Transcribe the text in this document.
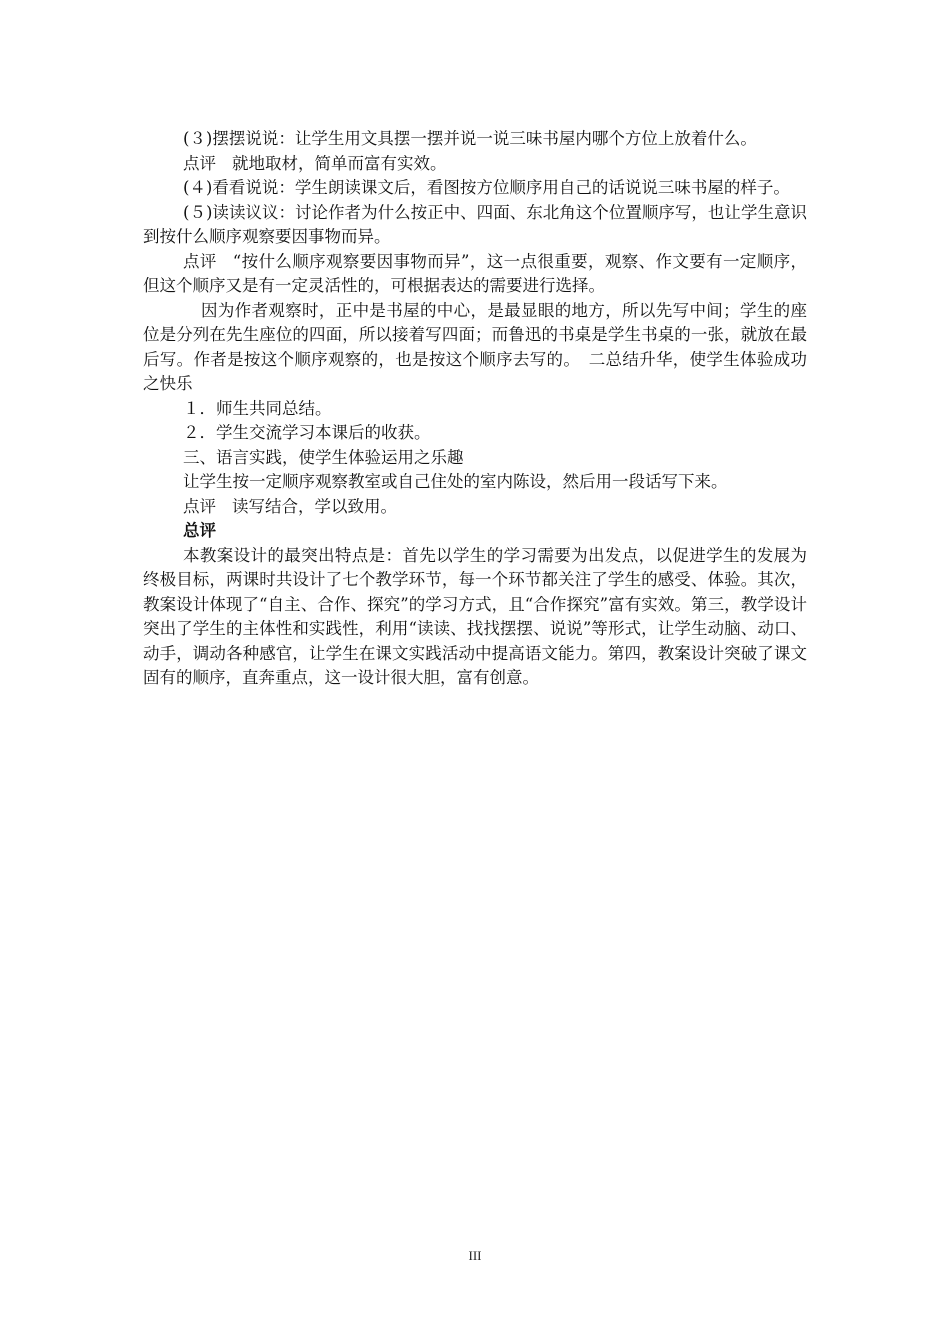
(３)摆摆说说：让学生用文具摆一摆并说一说三味书屋内哪个方位上放着什么。

点评 就地取材，简单而富有实效。

(４)看看说说：学生朗读课文后，看图按方位顺序用自己的话说说三味书屋的样子。

(５)读读议议：讨论作者为什么按正中、四面、东北角这个位置顺序写，也让学生意识到按什么顺序观察要因事物而异。

点评 “按什么顺序观察要因事物而异”，这一点很重要，观察、作文要有一定顺序，但这个顺序又是有一定灵活性的，可根据表达的需要进行选择。

因为作者观察时，正中是书屋的中心，是最显眼的地方，所以先写中间；学生的座位是分列在先生座位的四面，所以接着写四面；而鲁迅的书桌是学生书桌的一张，就放在最后写。作者是按这个顺序观察的，也是按这个顺序去写的。　二总结升华，使学生体验成功之快乐

１．师生共同总结。

２．学生交流学习本课后的收获。

三、语言实践，使学生体验运用之乐趣

让学生按一定顺序观察教室或自己住处的室内陈设，然后用一段话写下来。

点评 读写结合，学以致用。

总评

本教案设计的最突出特点是：首先以学生的学习需要为出发点，以促进学生的发展为终极目标，两课时共设计了七个教学环节，每一个环节都关注了学生的感受、体验。其次，教案设计体现了“自主、合作、探究”的学习方式，且“合作探究”富有实效。第三，教学设计突出了学生的主体性和实践性，利用“读读、找找摆摆、说说”等形式，让学生动脑、动口、动手，调动各种感官，让学生在课文实践活动中提高语文能力。第四，教案设计突破了课文固有的顺序，直奔重点，这一设计很大胆，富有创意。

III
